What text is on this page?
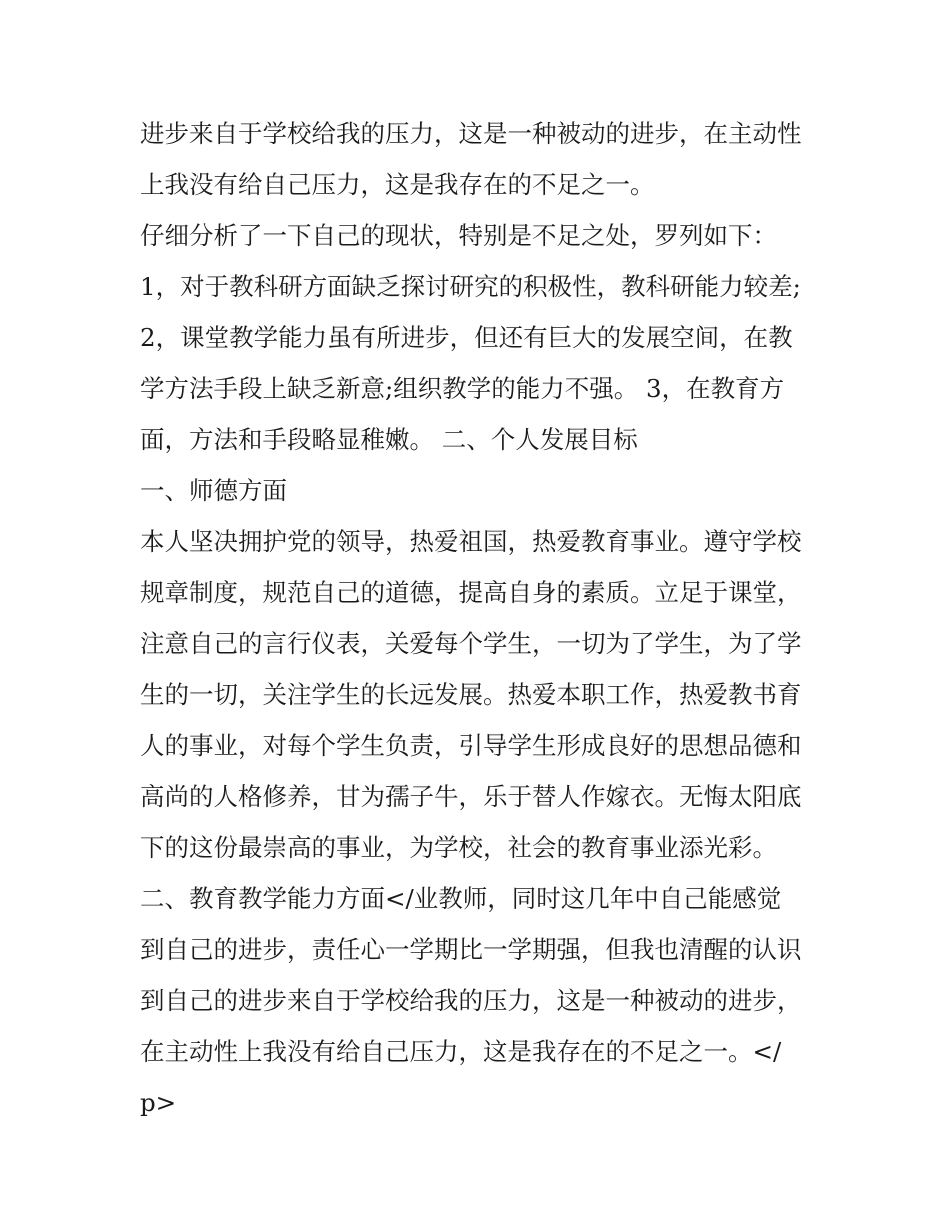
进步来自于学校给我的压力，这是一种被动的进步，在主动性
上我没有给自己压力，这是我存在的不足之一。
仔细分析了一下自己的现状，特别是不足之处，罗列如下：
1，对于教科研方面缺乏探讨研究的积极性，教科研能力较差;
2，课堂教学能力虽有所进步，但还有巨大的发展空间，在教
学方法手段上缺乏新意;组织教学的能力不强。 3，在教育方
面，方法和手段略显稚嫩。 二、个人发展目标
一、师德方面
本人坚决拥护党的领导，热爱祖国，热爱教育事业。遵守学校
规章制度，规范自己的道德，提高自身的素质。立足于课堂，
注意自己的言行仪表，关爱每个学生，一切为了学生，为了学
生的一切，关注学生的长远发展。热爱本职工作，热爱教书育
人的事业，对每个学生负责，引导学生形成良好的思想品德和
高尚的人格修养，甘为孺子牛，乐于替人作嫁衣。无悔太阳底
下的这份最崇高的事业，为学校，社会的教育事业添光彩。
二、教育教学能力方面</业教师，同时这几年中自己能感觉
到自己的进步，责任心一学期比一学期强，但我也清醒的认识
到自己的进步来自于学校给我的压力，这是一种被动的进步，
在主动性上我没有给自己压力，这是我存在的不足之一。</
p>
